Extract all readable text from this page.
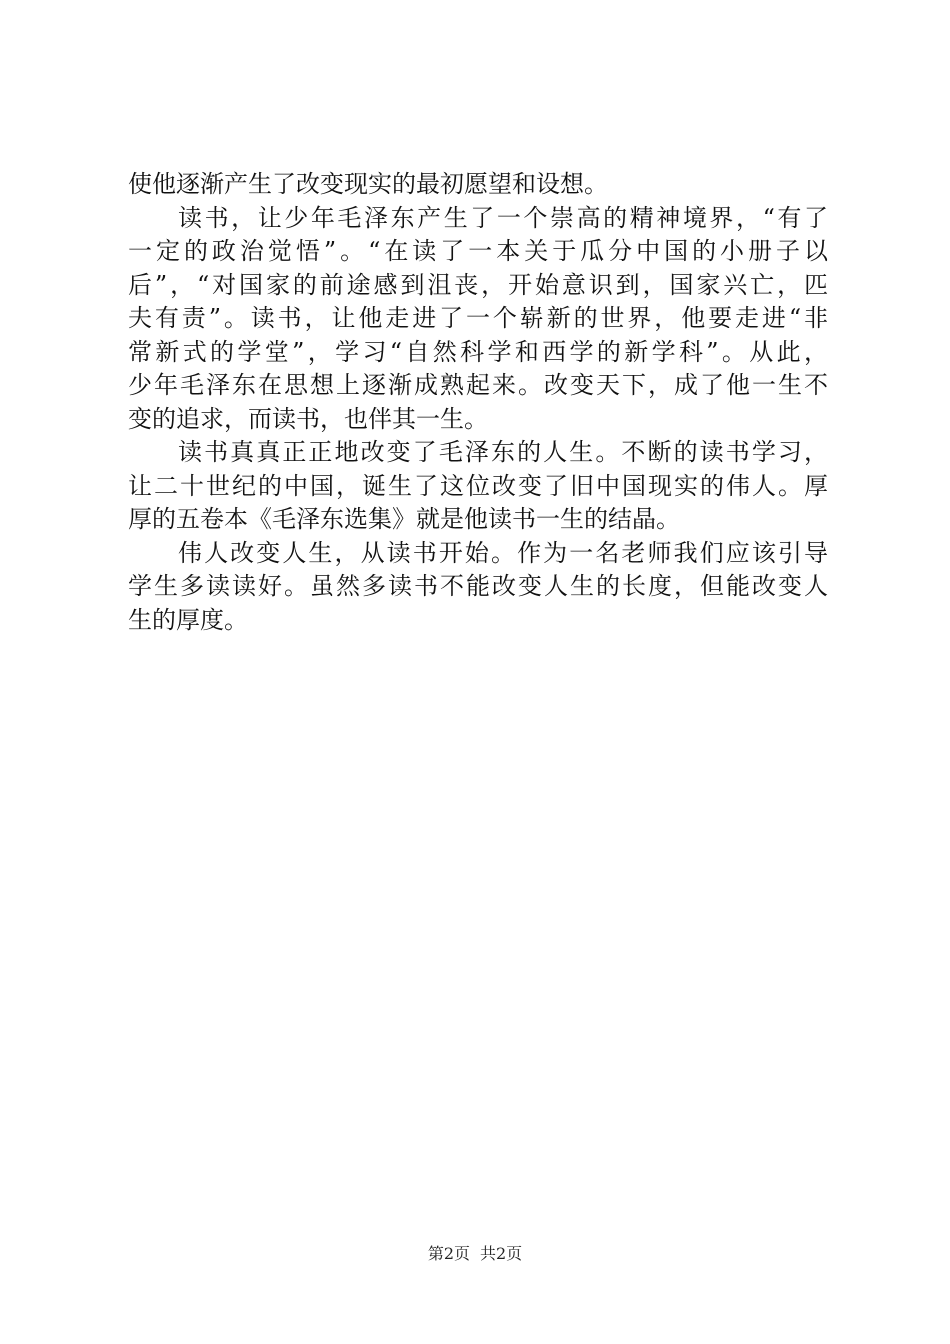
使他逐渐产生了改变现实的最初愿望和设想。
读书，让少年毛泽东产生了一个崇高的精神境界，“有了
一定的政治觉悟”。“在读了一本关于瓜分中国的小册子以
后”，“对国家的前途感到沮丧，开始意识到，国家兴亡，匹
夫有责”。读书，让他走进了一个崭新的世界，他要走进“非
常新式的学堂”，学习“自然科学和西学的新学科”。从此，
少年毛泽东在思想上逐渐成熟起来。改变天下，成了他一生不
变的追求，而读书，也伴其一生。
读书真真正正地改变了毛泽东的人生。不断的读书学习，
让二十世纪的中国，诞生了这位改变了旧中国现实的伟人。厚
厚的五卷本《毛泽东选集》就是他读书一生的结晶。
伟人改变人生，从读书开始。作为一名老师我们应该引导
学生多读读好。虽然多读书不能改变人生的长度，但能改变人
生的厚度。
第2页 共2页
